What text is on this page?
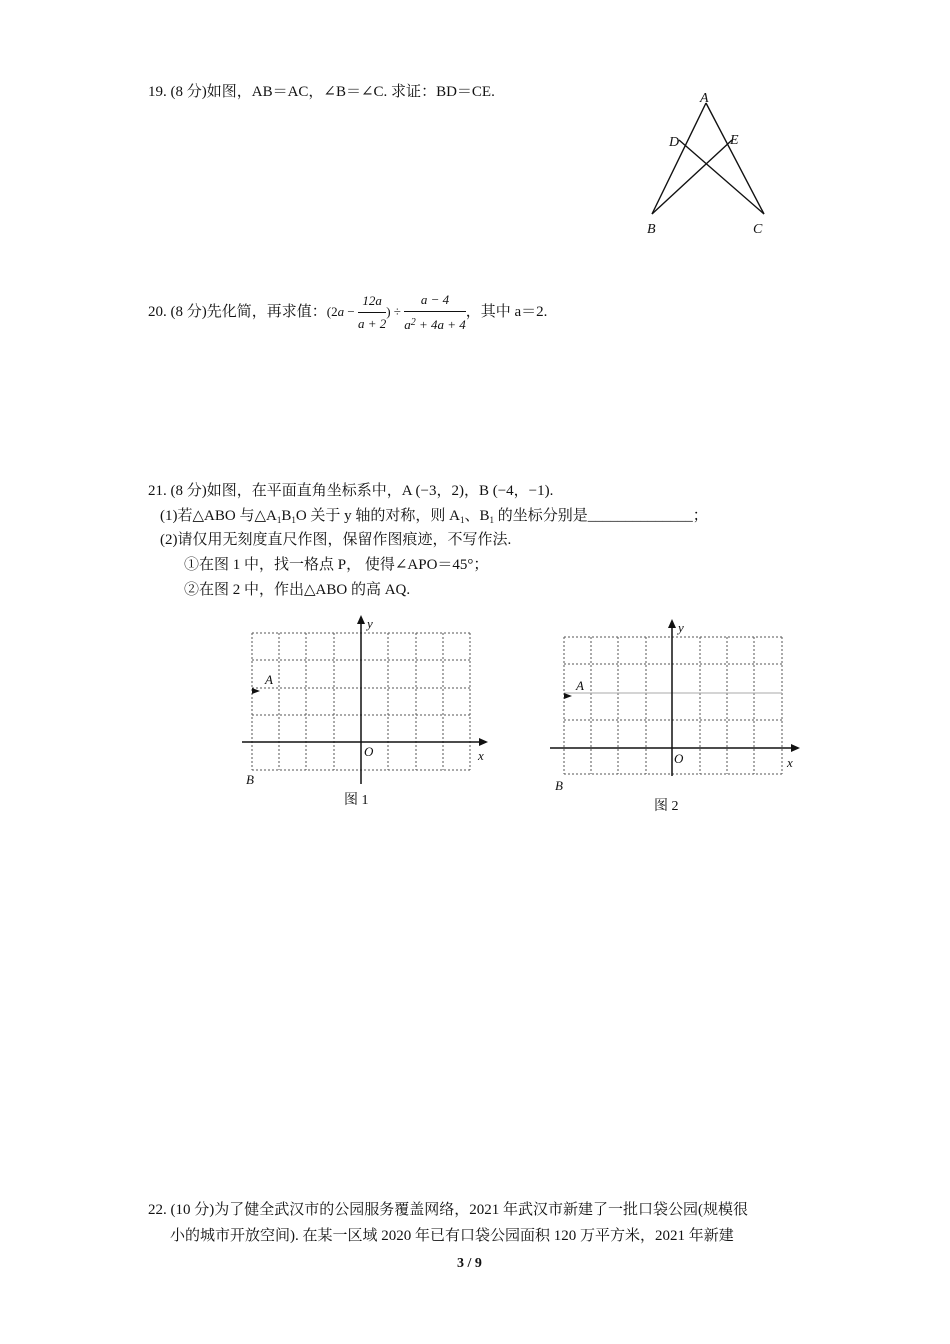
19. (8 分)如图，AB＝AC，∠B＝∠C. 求证：BD＝CE.	A
D	E
B	C
20. (8 分)先化简，再求值：($2a - \frac{12a}{a + 2}$ ) ÷ $\frac{a - 4}{a^2 + 4a + 4}$ ，其中 a＝2.
21. (8 分)如图，在平面直角坐标系中，A (−3，2)，B (−4，−1).
(1)若△ABO 与$\triangle A_1B_1O$ 关于 y 轴的对称，则 $A_1$、$B_1$ 的坐标分别是______________；
(2)请仅用无刻度直尺作图，保留作图痕迹，不写作法.
①在图 1 中，找一格点 P， 使得∠APO＝45°；
②在图 2 中，作出△ABO 的高 AQ.
y
x
O
A
B
图 1
y
x
O
A
B
图 2
22. (10 分)为了健全武汉市的公园服务覆盖网络，2021 年武汉市新建了一批口袋公园(规模很
小的城市开放空间). 在某一区域 2020 年已有口袋公园面积 120 万平方米，2021 年新建
3 / 9
